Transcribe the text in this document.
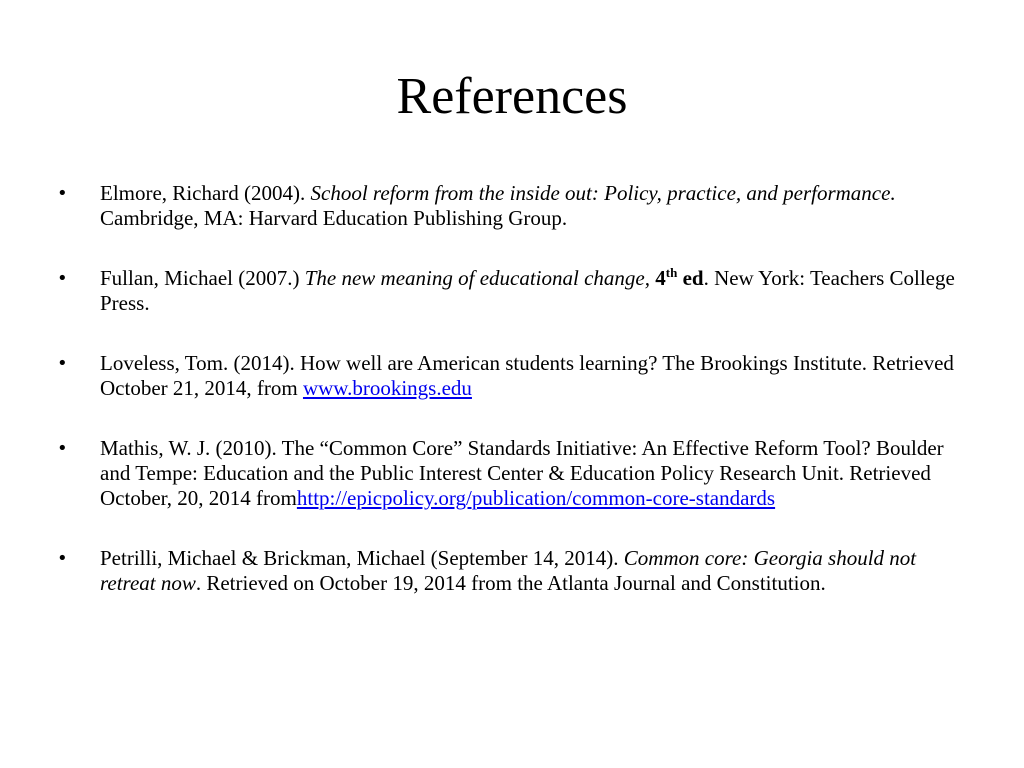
References
• Elmore, Richard (2004). School reform from the inside out: Policy, practice, and performance. Cambridge, MA: Harvard Education Publishing Group.
• Fullan, Michael (2007.) The new meaning of educational change, 4th ed. New York: Teachers College Press.
• Loveless, Tom. (2014). How well are American students learning? The Brookings Institute. Retrieved October 21, 2014, from www.brookings.edu
• Mathis, W. J. (2010). The “Common Core” Standards Initiative: An Effective Reform Tool? Boulder and Tempe: Education and the Public Interest Center & Education Policy Research Unit. Retrieved October, 20, 2014 fromhttp://epicpolicy.org/publication/common-core-standards
• Petrilli, Michael & Brickman, Michael (September 14, 2014). Common core: Georgia should not retreat now. Retrieved on October 19, 2014 from the Atlanta Journal and Constitution.
